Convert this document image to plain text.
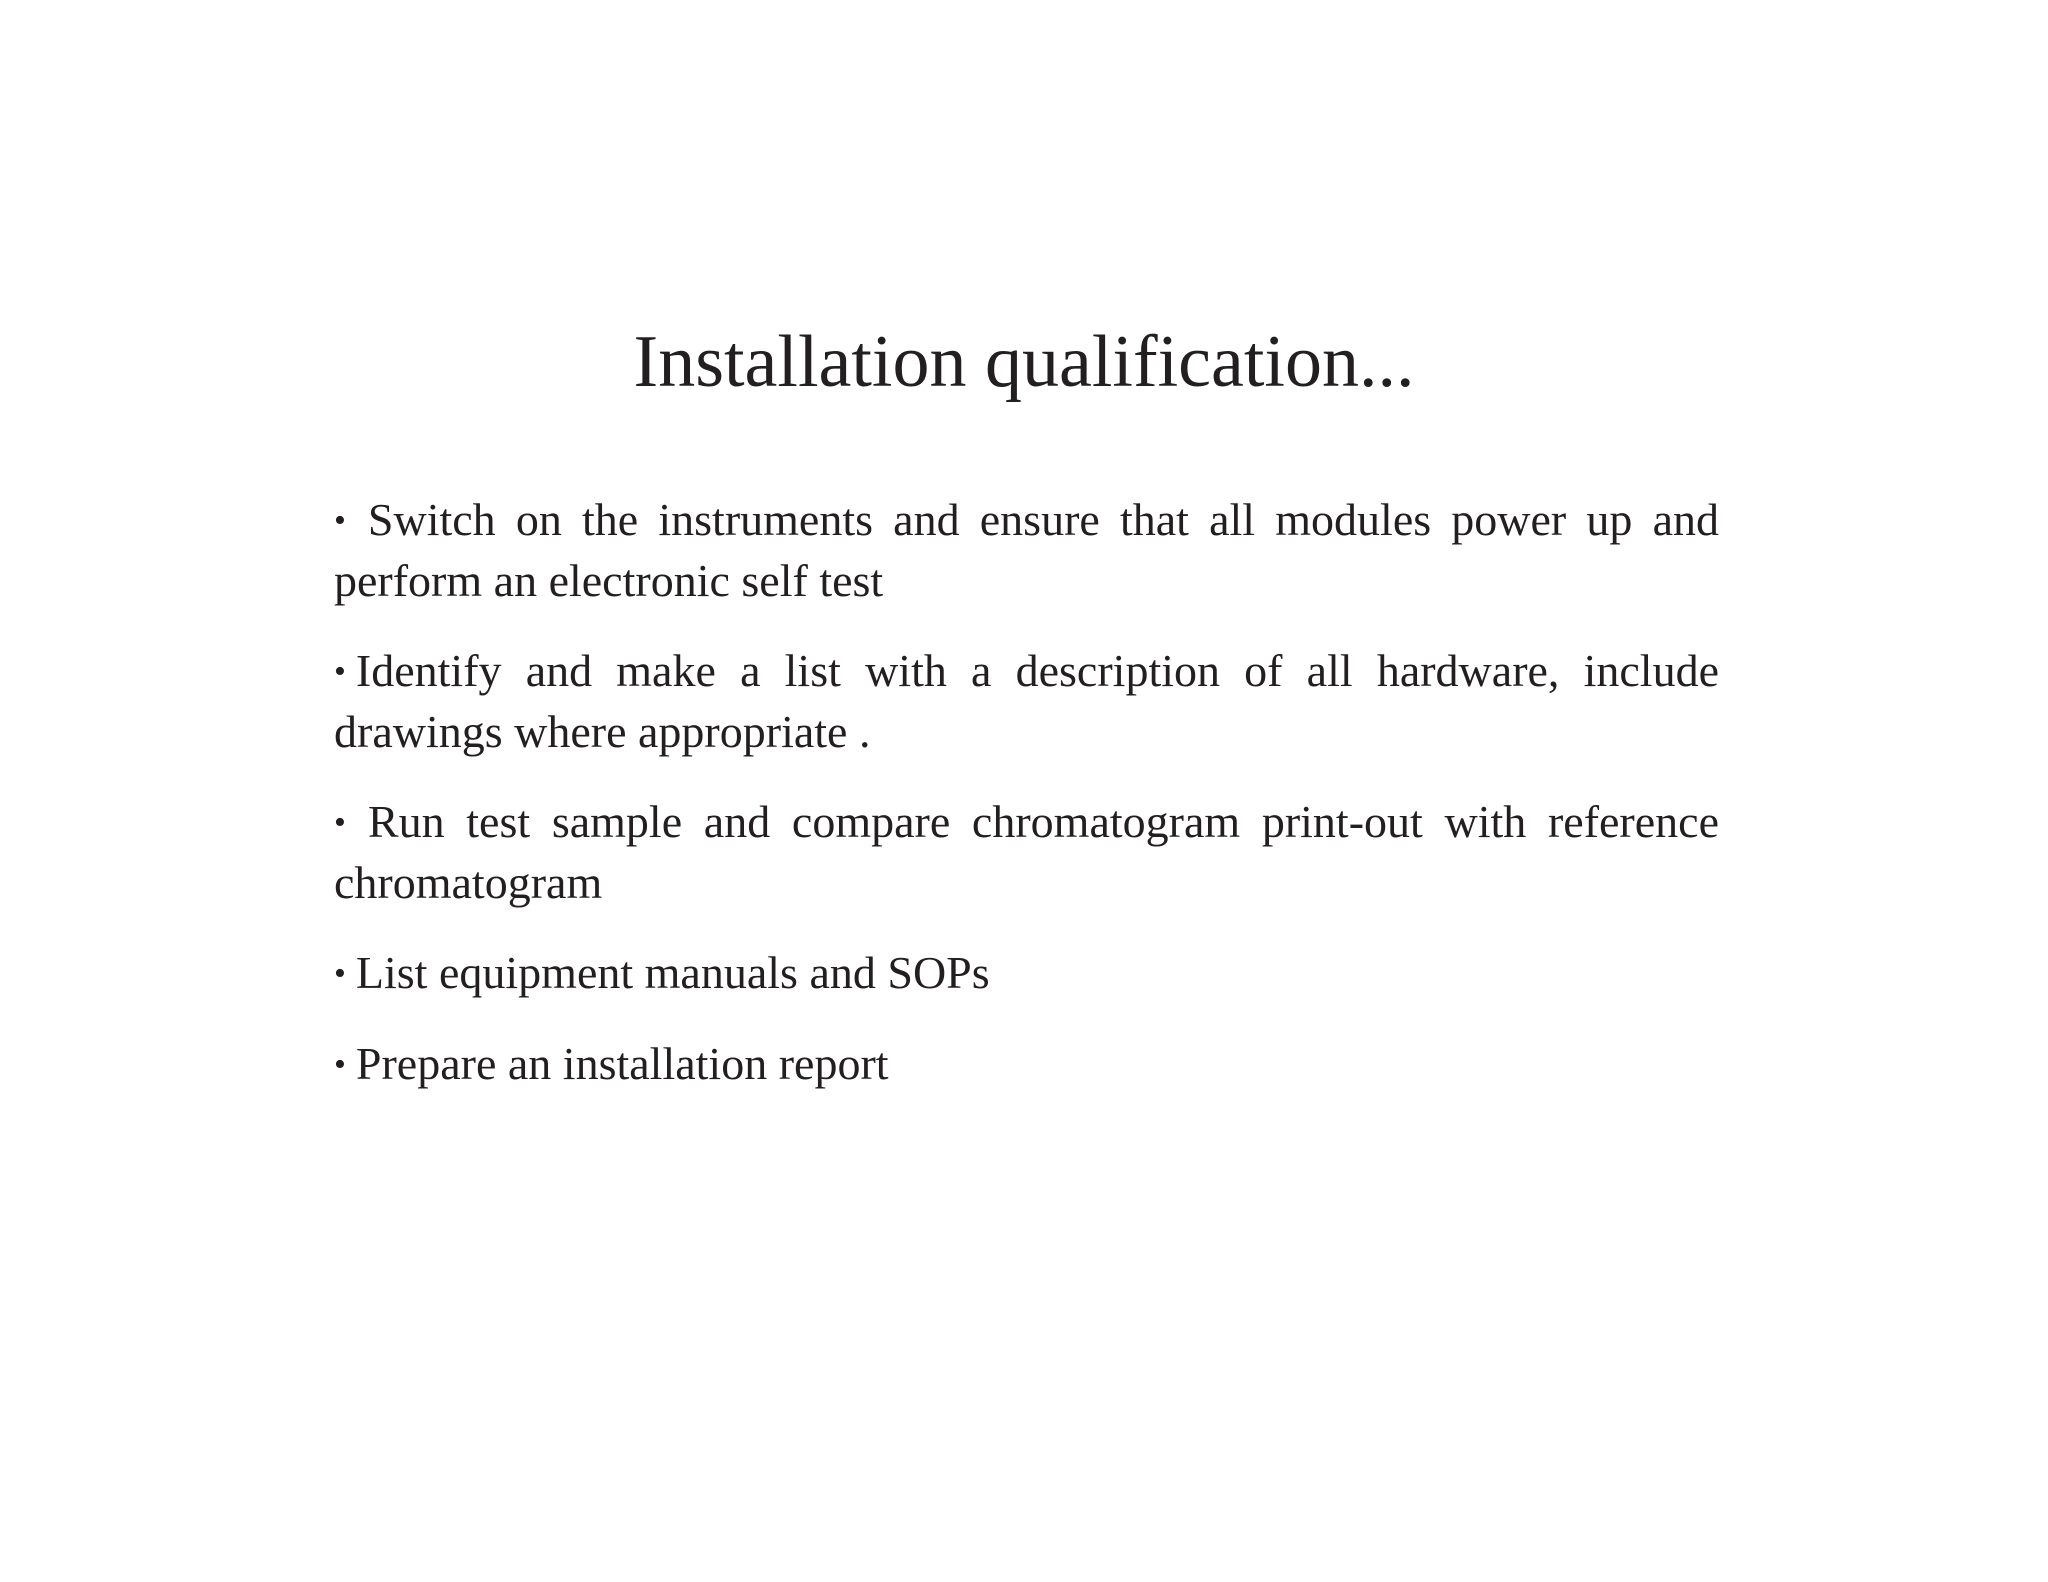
Installation qualification...
• Switch on the instruments and ensure that all modules power up and perform an electronic self test
• Identify and make a list with a description of all hardware, include drawings where appropriate .
• Run test sample and compare chromatogram print-out with reference chromatogram
• List equipment manuals and SOPs
• Prepare an installation report
